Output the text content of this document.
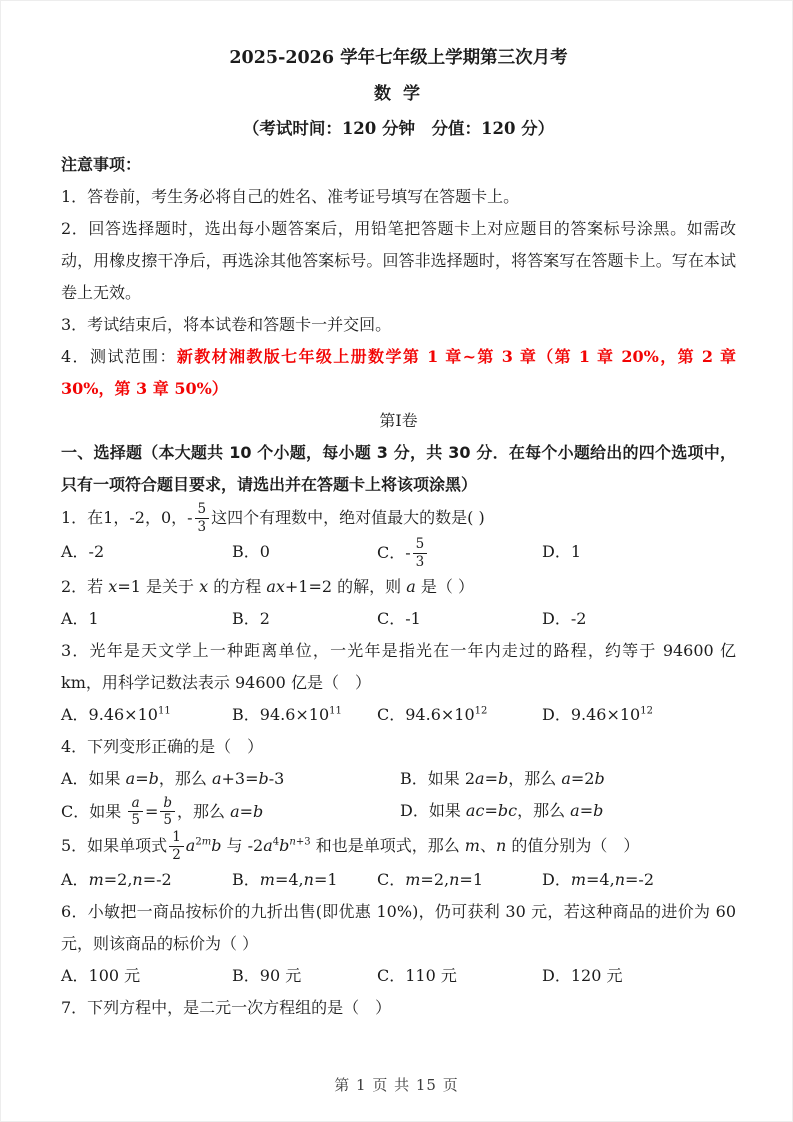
2025-2026 学年七年级上学期第三次月考
数 学
（考试时间：120 分钟　分值：120 分）
注意事项：

1．答卷前，考生务必将自己的姓名、准考证号填写在答题卡上。

2．回答选择题时，选出每小题答案后，用铅笔把答题卡上对应题目的答案标号涂黑。如需改动，用橡皮擦干净后，再选涂其他答案标号。回答非选择题时，将答案写在答题卡上。写在本试卷上无效。

3．考试结束后，将本试卷和答题卡一并交回。

4．测试范围：新教材湘教版七年级上册数学第 1 章~第 3 章（第 1 章 20%，第 2 章 30%，第 3 章 50%）

第I卷

一、选择题（本大题共 10 个小题，每小题 3 分，共 30 分．在每个小题给出的四个选项中，只有一项符合题目要求，请选出并在答题卡上将该项涂黑）

1．在1，-2，0，- $\frac{5}{3}$ 这四个有理数中，绝对值最大的数是( )

A．-2	B．0	C．- $\frac{5}{3}$	D．1

2．若 x=1 是关于 x 的方程 ax+1=2 的解，则 a 是（ ）

A．1	B．2	C．-1	D．-2

3．光年是天文学上一种距离单位，一光年是指光在一年内走过的路程，约等于 94600 亿 km，用科学记数法表示 94600 亿是（　）

A．$9.46\times 10^{11}$	B．$94.6\times 10^{11}$	C．$94.6\times 10^{12}$	D．$9.46\times 10^{12}$

4．下列变形正确的是（　）

A．如果 a=b，那么 a+3=b-3	B．如果 2a=b，那么 a=2b
C．如果 $\frac{a}{5} = \frac{b}{5}$ ，那么 a=b	D．如果 ac=bc，那么 a=b

5．如果单项式 $\frac{1}{2} a^{2m}b$ 与 $-2a^4b^{n+3}$ 和也是单项式，那么 m、n 的值分别为（　）

A．m=2,n=-2	B．m=4,n=1	C．m=2,n=1	D．m=4,n=-2

6．小敏把一商品按标价的九折出售(即优惠 10%)，仍可获利 30 元，若这种商品的进价为 60 元，则该商品的标价为（ ）

A．100 元	B．90 元	C．110 元	D．120 元

7．下列方程中，是二元一次方程组的是（　）

第 1 页 共 15 页
